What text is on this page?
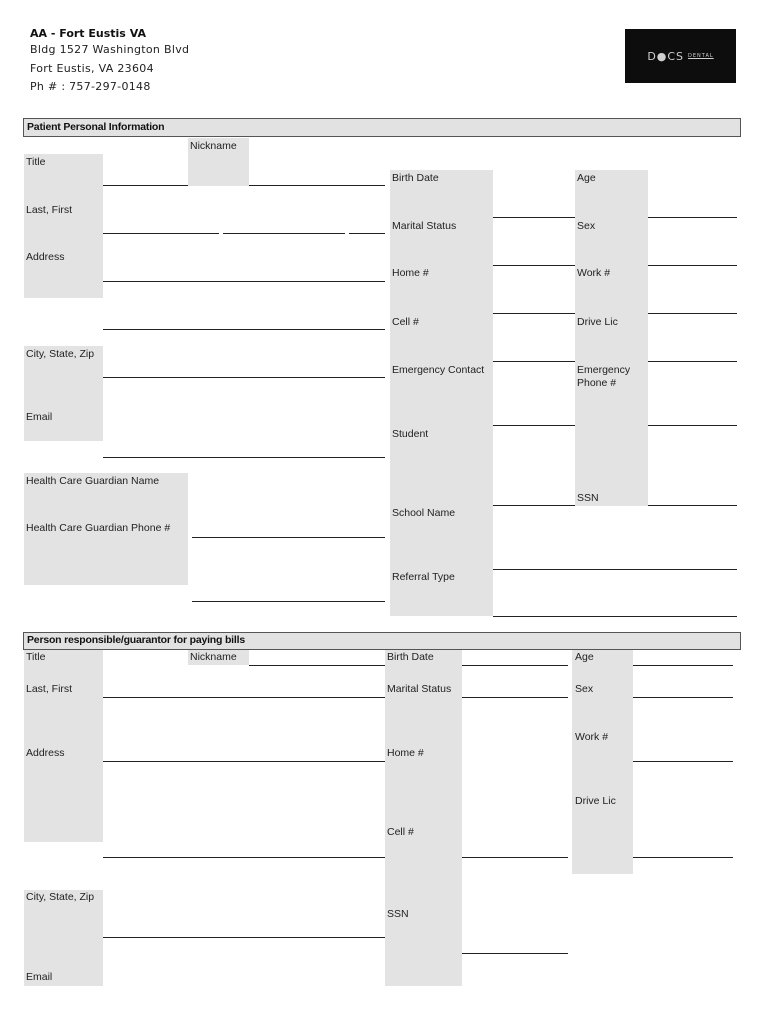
AA - Fort Eustis VA
Bldg 1527 Washington Blvd
Fort Eustis, VA 23604
Ph # : 757-297-0148
D●CS DENTAL
Patient Personal Information
Title
Nickname
Last, First
Address
City, State, Zip
Email
Health Care Guardian Name
Health Care Guardian Phone #
Birth Date
Marital Status
Home #
Cell #
Emergency Contact
Student
School Name
Referral Type
Age
Sex
Work #
Drive Lic
Emergency Phone #
SSN
Person responsible/guarantor for paying bills
Title	Nickname
Last, First
Address
City, State, Zip
Email
Birth Date
Marital Status
Home #
Cell #
SSN
Age
Sex
Work #
Drive Lic
